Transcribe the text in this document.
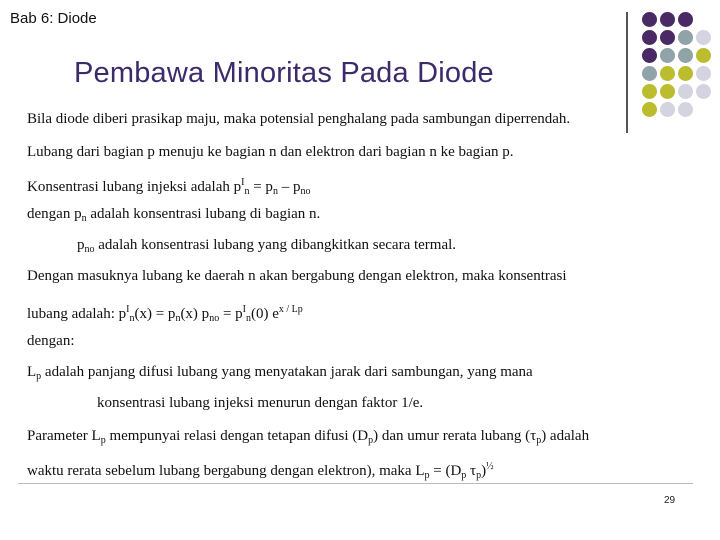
Bab 6: Diode
Pembawa Minoritas Pada Diode
Bila diode diberi prasikap maju, maka potensial penghalang pada sambungan diperrendah.
Lubang dari bagian p menuju ke bagian n dan elektron dari bagian n ke bagian p.
Konsentrasi lubang injeksi adalah $p^I_n = p_n - p_{no}$
dengan $p_n$ adalah konsentrasi lubang di bagian n.
$p_{no}$ adalah konsentrasi lubang yang dibangkitkan secara termal.
Dengan masuknya lubang ke daerah n akan bergabung dengan elektron, maka konsentrasi
lubang adalah: $p^I_n(x) = p_n(x) p_{no} = p^I_n(0)$ $e^{x / Lp}$
dengan:
$L_p$ adalah panjang difusi lubang yang menyatakan jarak dari sambungan, yang mana
konsentrasi lubang injeksi menurun dengan faktor 1/e.
Parameter $L_p$ mempunyai relasi dengan tetapan difusi $(D_p)$ dan umur rerata lubang $(\tau_p)$ adalah
waktu rerata sebelum lubang bergabung dengan elektron), maka $L_p = (D_p$ $\tau_p)^{\frac{1}{2}}$
29
